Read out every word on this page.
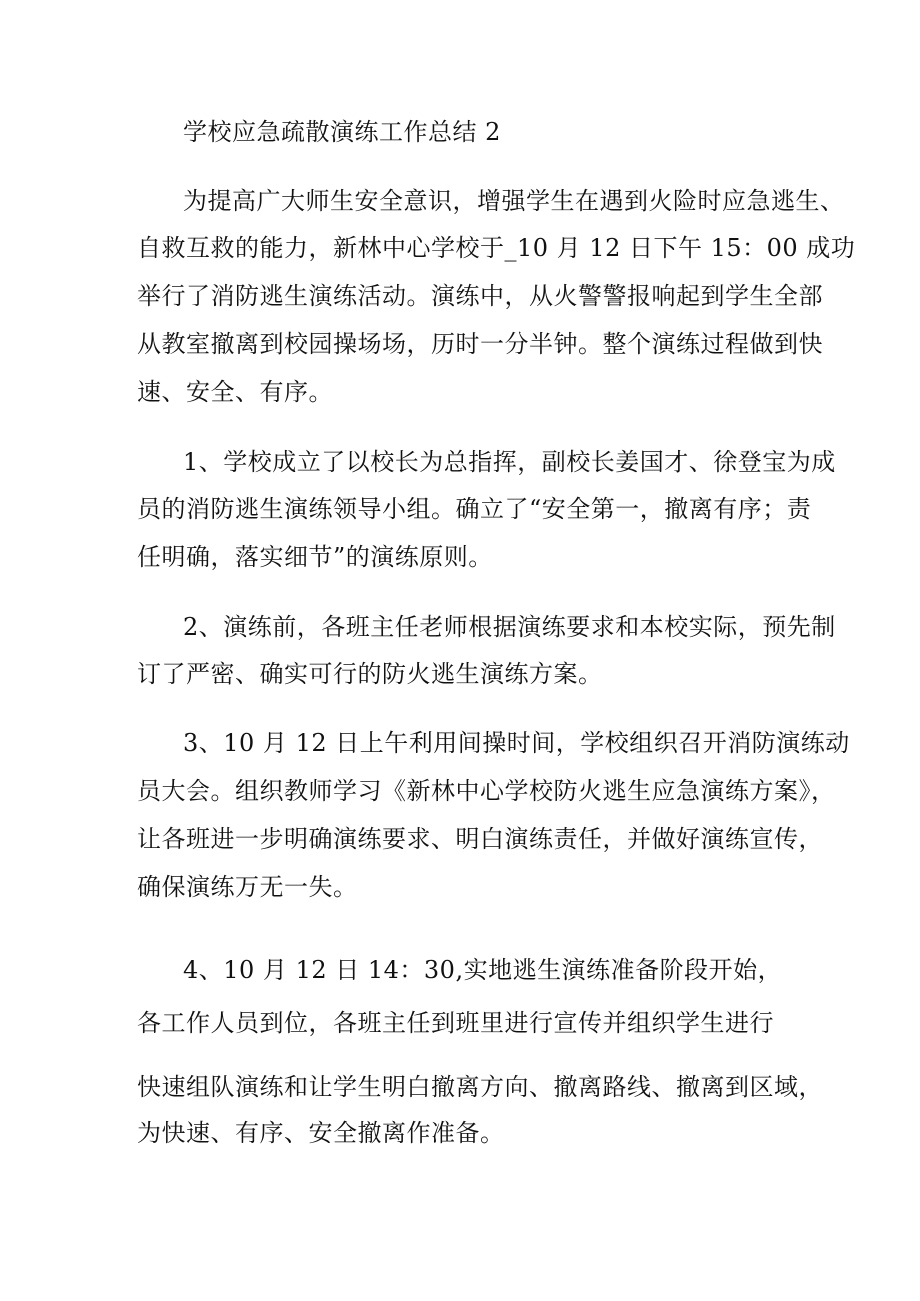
学校应急疏散演练工作总结 2
为提高广大师生安全意识，增强学生在遇到火险时应急逃生、
自救互救的能力，新林中心学校于_10 月 12 日下午 15：00 成功
举行了消防逃生演练活动。演练中，从火警警报响起到学生全部
从教室撤离到校园操场场，历时一分半钟。整个演练过程做到快
速、安全、有序。
1、学校成立了以校长为总指挥，副校长姜国才、徐登宝为成
员的消防逃生演练领导小组。确立了“安全第一，撤离有序；责
任明确，落实细节”的演练原则。
2、演练前，各班主任老师根据演练要求和本校实际，预先制
订了严密、确实可行的防火逃生演练方案。
3、10 月 12 日上午利用间操时间，学校组织召开消防演练动
员大会。组织教师学习《新林中心学校防火逃生应急演练方案》，
让各班进一步明确演练要求、明白演练责任，并做好演练宣传，
确保演练万无一失。
4、10 月 12 日 14：30,实地逃生演练准备阶段开始，
各工作人员到位，各班主任到班里进行宣传并组织学生进行
快速组队演练和让学生明白撤离方向、撤离路线、撤离到区域，
为快速、有序、安全撤离作准备。
